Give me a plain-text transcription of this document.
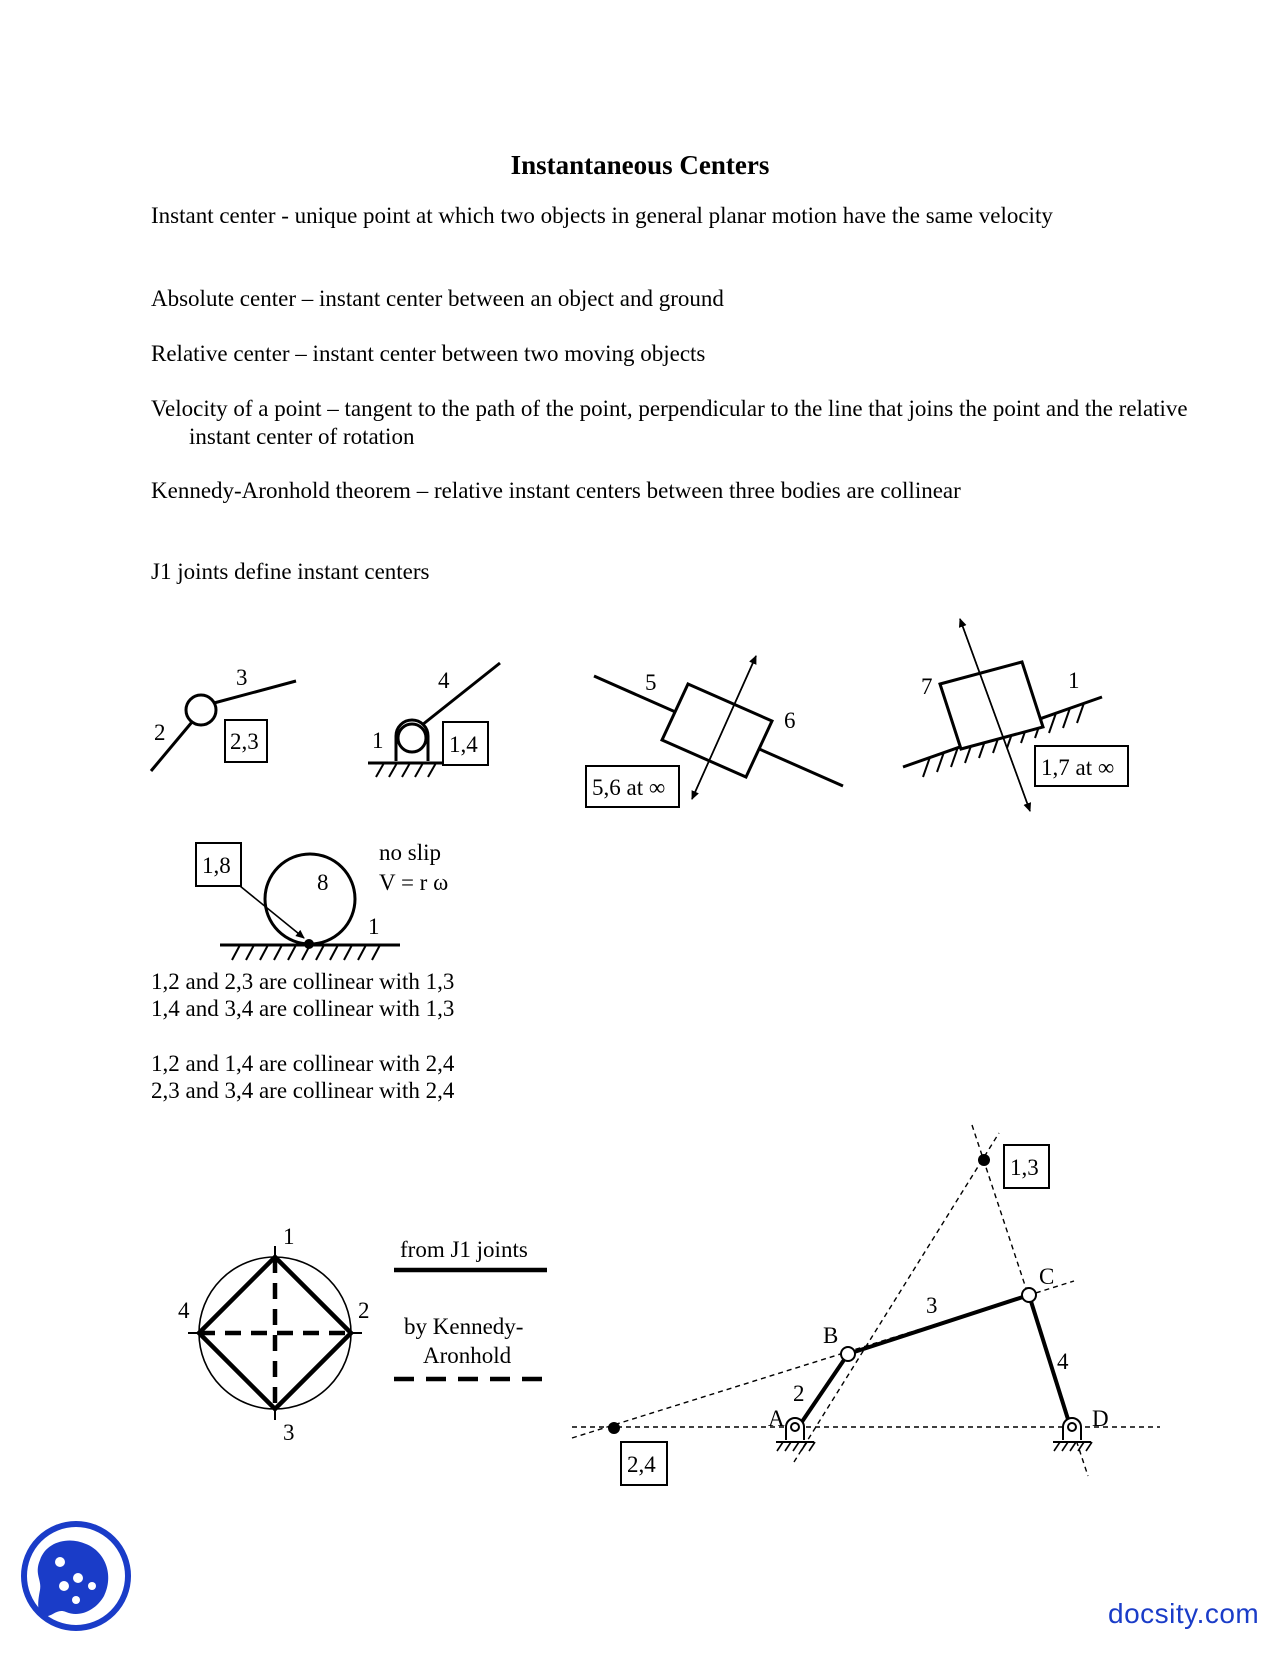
Instantaneous Centers

Instant center - unique point at which two objects in general planar motion have the same velocity

Absolute center – instant center between an object and ground

Relative center – instant center between two moving objects

Velocity of a point – tangent to the path of the point, perpendicular to the line that joins the point and the relative instant center of rotation

Kennedy-Aronhold theorem – relative instant centers between three bodies are collinear

J1 joints define instant centers

1,2 and 2,3 are collinear with 1,3

1,4 and 3,4 are collinear with 1,3

1,2 and 1,4 are collinear with 2,4

2,3 and 3,4 are collinear with 2,4

3
2	2,3
4
1	1,4
5
6
5,6 at ∞
7	1
1,7 at ∞
1,8
8
1
no slip
V = r ω
1
2
3
4
from J1 joints
by Kennedy-
Aronhold
A
B
C
D
2
3
4
1,3
2,4
docsity.com
